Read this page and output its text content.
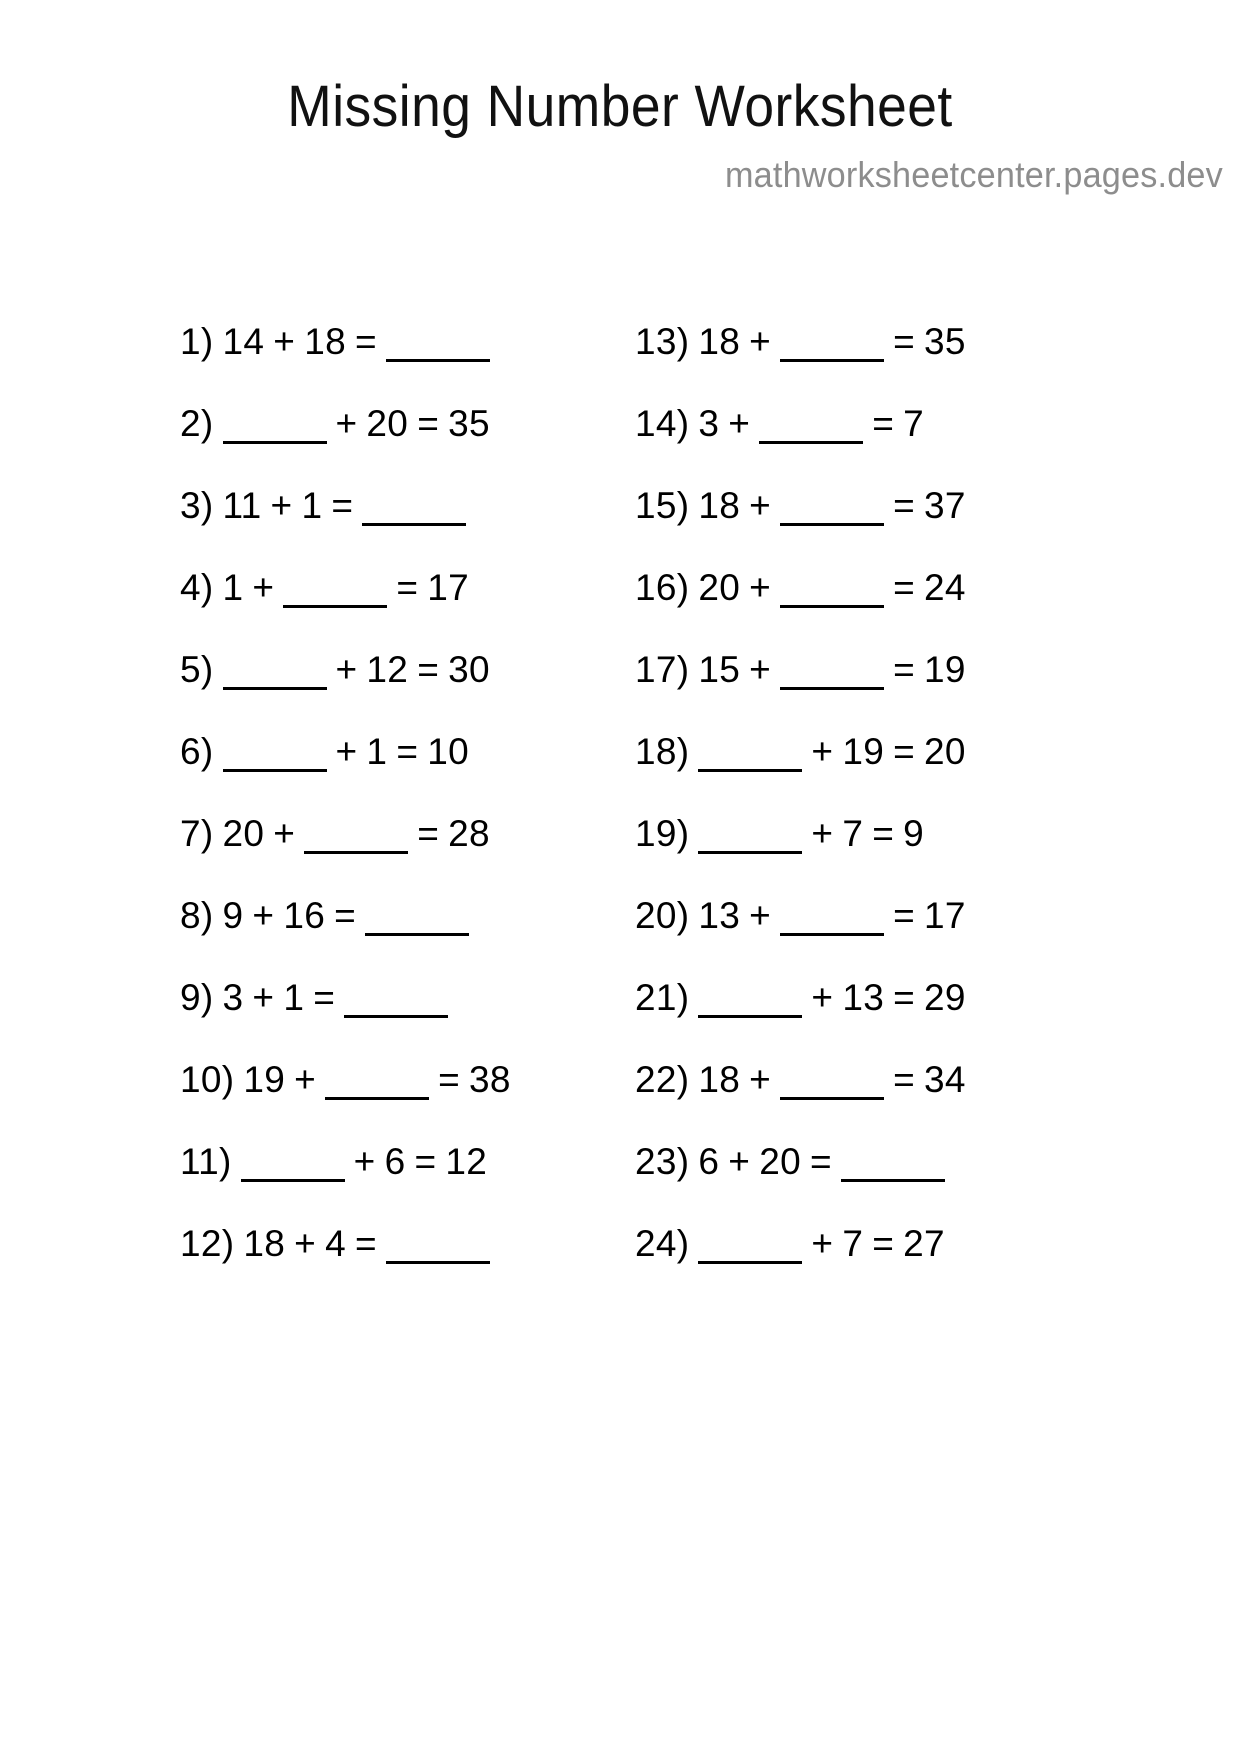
Missing Number Worksheet

mathworksheetcenter.pages.dev

1) 14 + 18 =
2)	+ 20 = 35
3) 11 + 1 =
4) 1 +	= 17
5)	+ 12 = 30
6)	+ 1 = 10
7) 20 +	= 28
8) 9 + 16 =
9) 3 + 1 =
10) 19 +	= 38
11)	+ 6 = 12
12) 18 + 4 =
13) 18 +	= 35
14) 3 +	= 7
15) 18 +	= 37
16) 20 +	= 24
17) 15 +	= 19
18)	+ 19 = 20
19)	+ 7 = 9
20) 13 +	= 17
21)	+ 13 = 29
22) 18 +	= 34
23) 6 + 20 =
24)	+ 7 = 27
